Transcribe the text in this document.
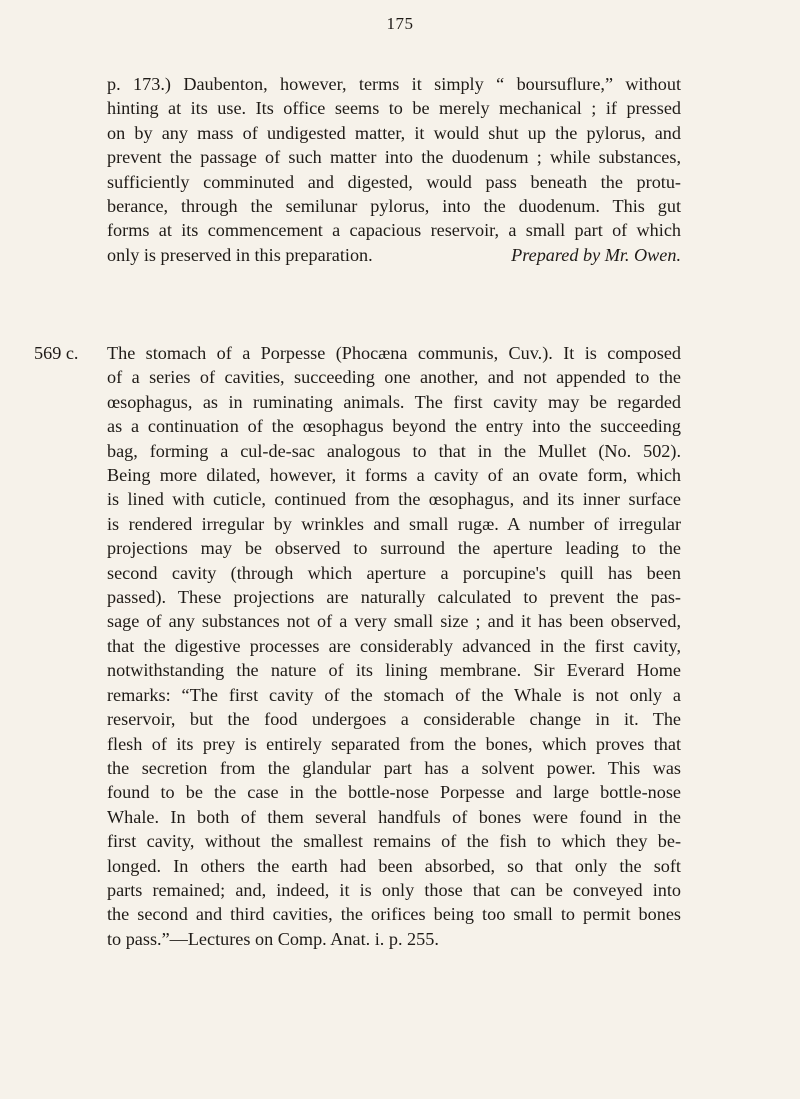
175
p. 173.) Daubenton, however, terms it simply “ boursuflure,” without
hinting at its use. Its office seems to be merely mechanical ; if pressed
on by any mass of undigested matter, it would shut up the pylorus, and
prevent the passage of such matter into the duodenum ; while substances,
sufficiently comminuted and digested, would pass beneath the protu-
berance, through the semilunar pylorus, into the duodenum. This gut
forms at its commencement a capacious reservoir, a small part of which
only is preserved in this preparation.	Prepared by Mr. Owen.
569 c. The stomach of a Porpesse (Phocæna communis, Cuv.). It is composed
of a series of cavities, succeeding one another, and not appended to the
œsophagus, as in ruminating animals. The first cavity may be regarded
as a continuation of the œsophagus beyond the entry into the succeeding
bag, forming a cul-de-sac analogous to that in the Mullet (No. 502).
Being more dilated, however, it forms a cavity of an ovate form, which
is lined with cuticle, continued from the œsophagus, and its inner surface
is rendered irregular by wrinkles and small rugæ. A number of irregular
projections may be observed to surround the aperture leading to the
second cavity (through which aperture a porcupine's quill has been
passed). These projections are naturally calculated to prevent the pas-
sage of any substances not of a very small size ; and it has been observed,
that the digestive processes are considerably advanced in the first cavity,
notwithstanding the nature of its lining membrane. Sir Everard Home
remarks: “The first cavity of the stomach of the Whale is not only a
reservoir, but the food undergoes a considerable change in it. The
flesh of its prey is entirely separated from the bones, which proves that
the secretion from the glandular part has a solvent power. This was
found to be the case in the bottle-nose Porpesse and large bottle-nose
Whale. In both of them several handfuls of bones were found in the
first cavity, without the smallest remains of the fish to which they be-
longed. In others the earth had been absorbed, so that only the soft
parts remained; and, indeed, it is only those that can be conveyed into
the second and third cavities, the orifices being too small to permit bones
to pass.”—Lectures on Comp. Anat. i. p. 255.
